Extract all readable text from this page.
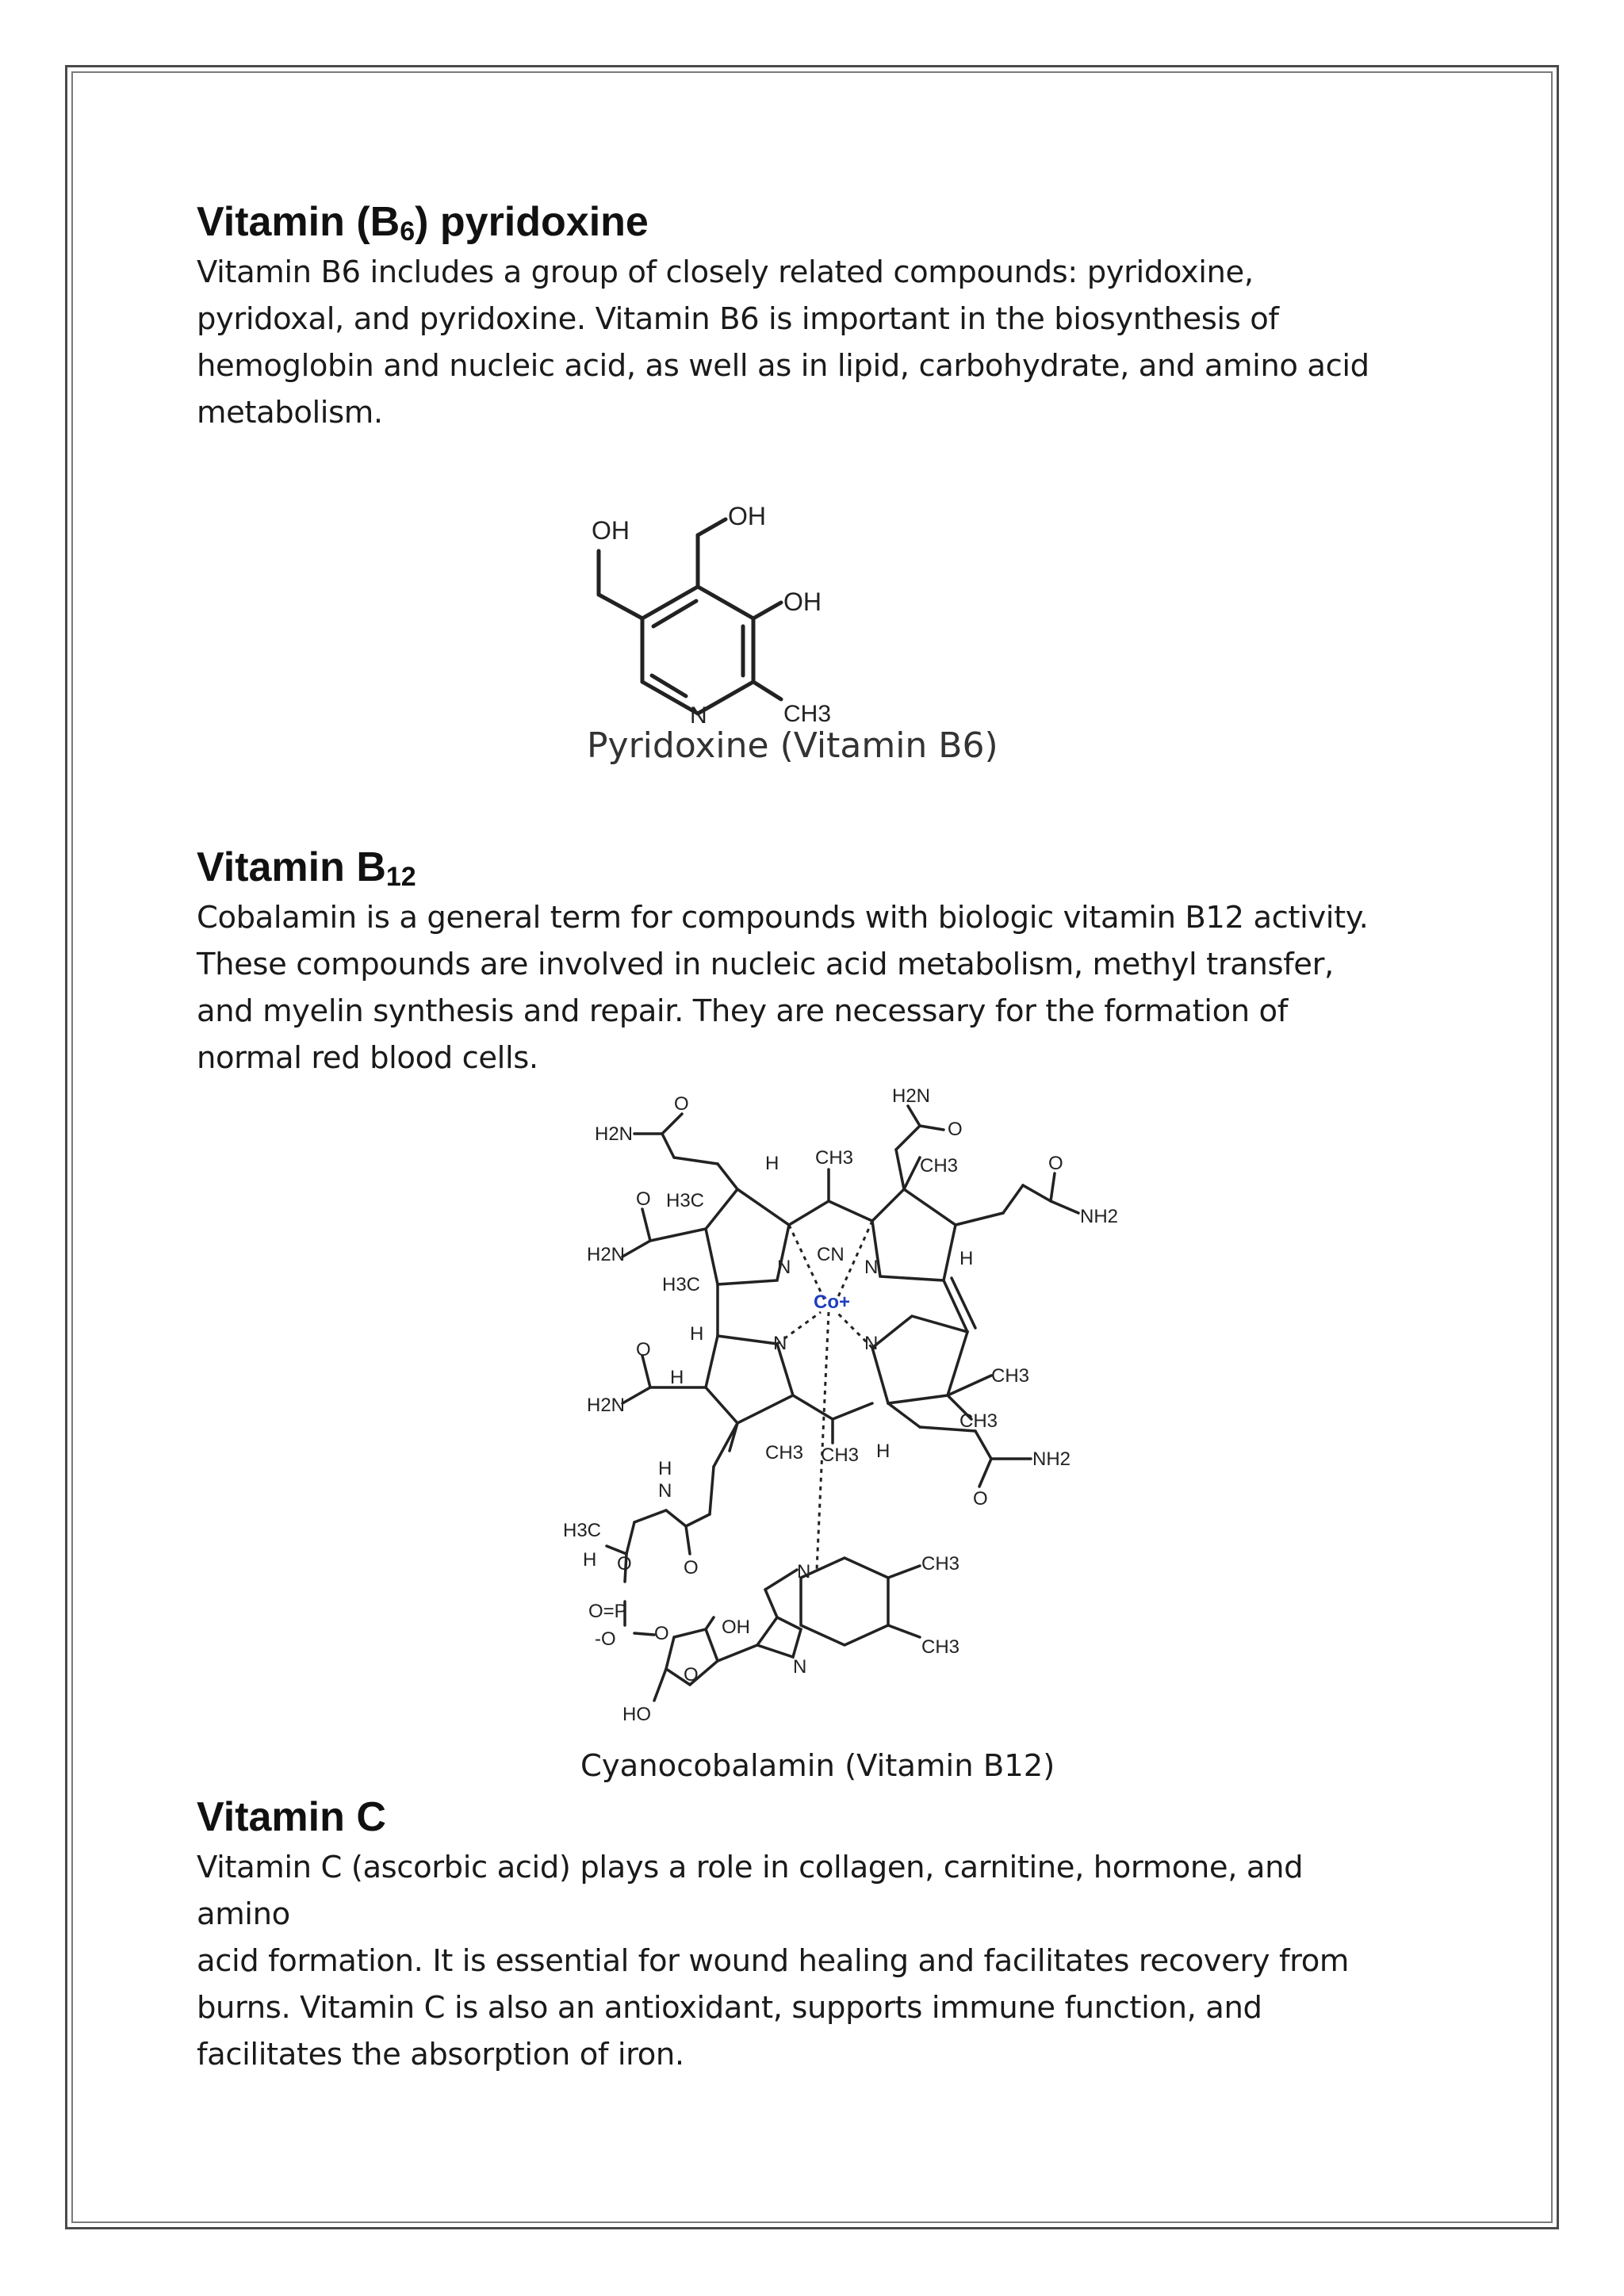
Vitamin $(B_6)$ pyridoxine

Vitamin B6 includes a group of closely related compounds: pyridoxine,
pyridoxal, and pyridoxine. Vitamin B6 is important in the biosynthesis of
hemoglobin and nucleic acid, as well as in lipid, carbohydrate, and amino acid
metabolism.

OH	OH
OH
N	CH3
Pyridoxine (Vitamin B6)
Vitamin $B_{12}$

Cobalamin is a general term for compounds with biologic vitamin B12 activity.
These compounds are involved in nucleic acid metabolism, methyl transfer,
and myelin synthesis and repair. They are necessary for the formation of
normal red blood cells.

H2N
O	H2N
O
H CH3	CH3	O
NH2
H2N
O H3C
H3C
N
CN
N	H
Co+
H	N	N
CH3
H
O
H2N
CH3
CH3 CH3 H	NH2
O
H
N
O
H3C
H O
O=P
-O O	OH
O
HO
N
N
CH3
CH3
Cyanocobalamin (Vitamin B12)
Vitamin C

Vitamin C (ascorbic acid) plays a role in collagen, carnitine, hormone, and
amino
acid formation. It is essential for wound healing and facilitates recovery from
burns. Vitamin C is also an antioxidant, supports immune function, and
facilitates the absorption of iron.
